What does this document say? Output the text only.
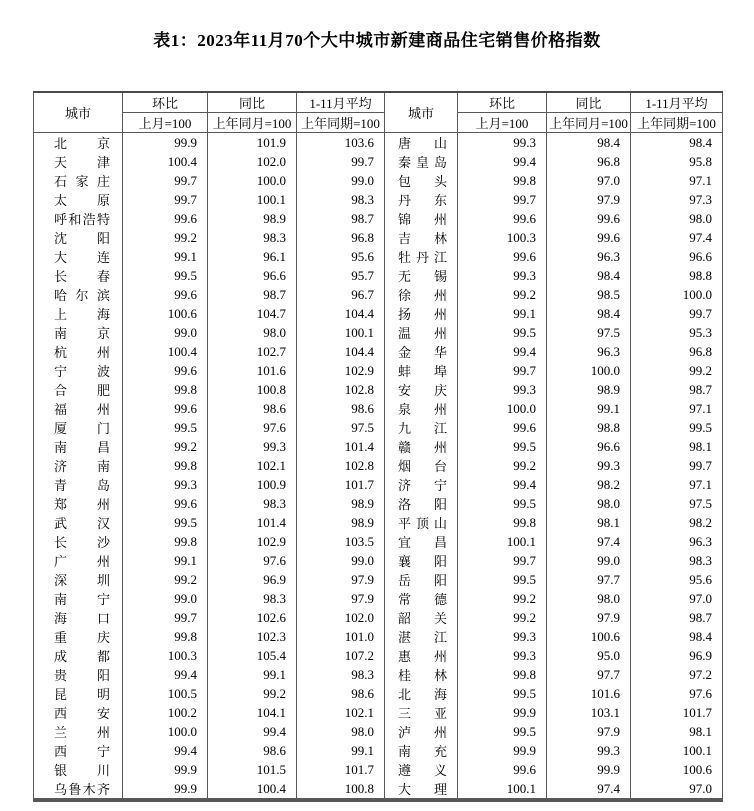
表1：2023年11月70个大中城市新建商品住宅销售价格指数
城市	环比	同比	1-11月平均	城市	环比	同比	1-11月平均
	上月=100	上年同月=100	上年同期=100		上月=100	上年同月=100	上年同期=100

北 京	99.9	101.9	103.6	唐 山	99.3	98.4	98.4

天 津	100.4	102.0	99.7	秦 皇 岛	99.4	96.8	95.8

石 家 庄	99.7	100.0	99.0	包 头	99.8	97.0	97.1

太 原	99.7	100.1	98.3	丹 东	99.7	97.9	97.3

呼 和 浩 特	99.6	98.9	98.7	锦 州	99.6	99.6	98.0

沈 阳	99.2	98.3	96.8	吉 林	100.3	99.6	97.4

大 连	99.1	96.1	95.6	牡 丹 江	99.6	96.3	96.6

长 春	99.5	96.6	95.7	无 锡	99.3	98.4	98.8

哈 尔 滨	99.6	98.7	96.7	徐 州	99.2	98.5	100.0

上 海	100.6	104.7	104.4	扬 州	99.1	98.4	99.7

南 京	99.0	98.0	100.1	温 州	99.5	97.5	95.3

杭 州	100.4	102.7	104.4	金 华	99.4	96.3	96.8

宁 波	99.6	101.6	102.9	蚌 埠	99.7	100.0	99.2

合 肥	99.8	100.8	102.8	安 庆	99.3	98.9	98.7

福 州	99.6	98.6	98.6	泉 州	100.0	99.1	97.1

厦 门	99.5	97.6	97.5	九 江	99.6	98.8	99.5

南 昌	99.2	99.3	101.4	赣 州	99.5	96.6	98.1

济 南	99.8	102.1	102.8	烟 台	99.2	99.3	99.7

青 岛	99.3	100.9	101.7	济 宁	99.4	98.2	97.1

郑 州	99.6	98.3	98.9	洛 阳	99.5	98.0	97.5

武 汉	99.5	101.4	98.9	平 顶 山	99.8	98.1	98.2

长 沙	99.8	102.9	103.5	宜 昌	100.1	97.4	96.3

广 州	99.1	97.6	99.0	襄 阳	99.7	99.0	98.3

深 圳	99.2	96.9	97.9	岳 阳	99.5	97.7	95.6

南 宁	99.0	98.3	97.9	常 德	99.2	98.0	97.0

海 口	99.7	102.6	102.0	韶 关	99.2	97.9	98.7

重 庆	99.8	102.3	101.0	湛 江	99.3	100.6	98.4

成 都	100.3	105.4	107.2	惠 州	99.3	95.0	96.9

贵 阳	99.4	99.1	98.3	桂 林	99.8	97.7	97.2

昆 明	100.5	99.2	98.6	北 海	99.5	101.6	97.6

西 安	100.2	104.1	102.1	三 亚	99.9	103.1	101.7

兰 州	100.0	99.4	98.0	泸 州	99.5	97.9	98.1

西 宁	99.4	98.6	99.1	南 充	99.9	99.3	100.1

银 川	99.9	101.5	101.7	遵 义	99.6	99.9	100.6

乌 鲁 木 齐	99.9	100.4	100.8	大 理	100.1	97.4	97.0
